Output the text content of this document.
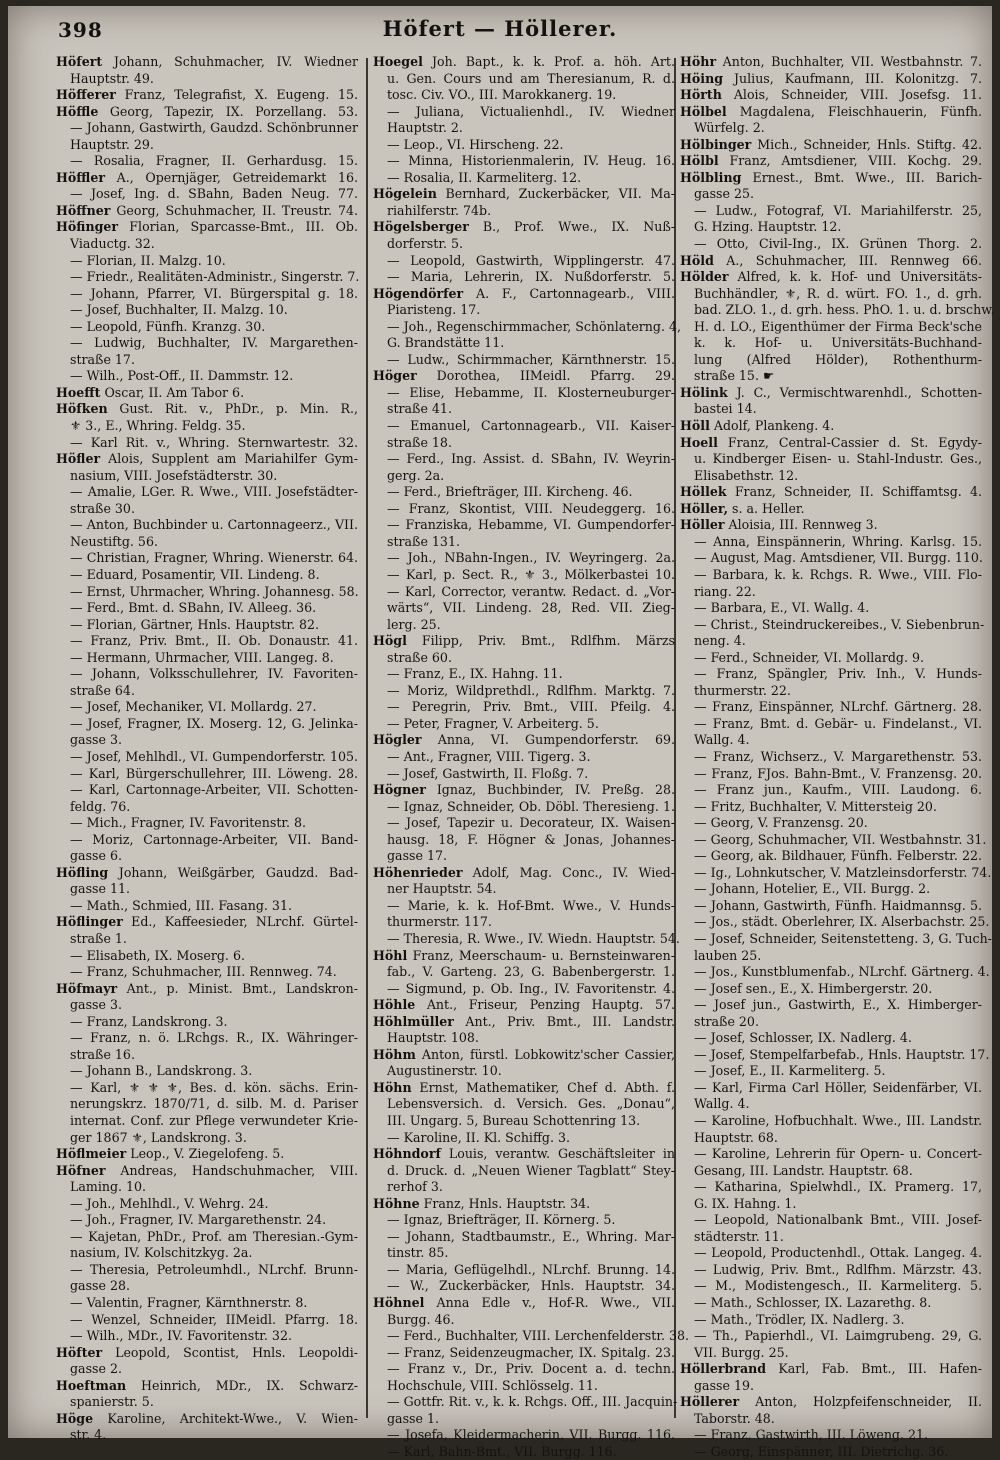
398	Höfert — Höllerer.
Höfert Johann, Schuhmacher, IV. Wiedner
Hauptstr. 49.
Höfferer Franz, Telegrafist, X. Eugeng. 15.
Höffle Georg, Tapezir, IX. Porzellang. 53.
— Johann, Gastwirth, Gaudzd. Schönbrunner
Hauptstr. 29.
— Rosalia, Fragner, II. Gerhardusg. 15.
Höffler A., Opernjäger, Getreidemarkt 16.
— Josef, Ing. d. SBahn, Baden Neug. 77.
Höffner Georg, Schuhmacher, II. Treustr. 74.
Höfinger Florian, Sparcasse-Bmt., III. Ob.
Viaductg. 32.
— Florian, II. Malzg. 10.
— Friedr., Realitäten-Administr., Singerstr. 7.
— Johann, Pfarrer, VI. Bürgerspital g. 18.
— Josef, Buchhalter, II. Malzg. 10.
— Leopold, Fünfh. Kranzg. 30.
— Ludwig, Buchhalter, IV. Margarethen-
straße 17.
— Wilh., Post-Off., II. Dammstr. 12.
Hoefft Oscar, II. Am Tabor 6.
Höfken Gust. Rit. v., PhDr., p. Min. R.,
⚜ 3., E., Whring. Feldg. 35.
— Karl Rit. v., Whring. Sternwartestr. 32.
Höfler Alois, Supplent am Mariahilfer Gym-
nasium, VIII. Josefstädterstr. 30.
— Amalie, LGer. R. Wwe., VIII. Josefstädter-
straße 30.
— Anton, Buchbinder u. Cartonnageerz., VII.
Neustiftg. 56.
— Christian, Fragner, Whring. Wienerstr. 64.
— Eduard, Posamentir, VII. Lindeng. 8.
— Ernst, Uhrmacher, Whring. Johannesg. 58.
— Ferd., Bmt. d. SBahn, IV. Alleeg. 36.
— Florian, Gärtner, Hnls. Hauptstr. 82.
— Franz, Priv. Bmt., II. Ob. Donaustr. 41.
— Hermann, Uhrmacher, VIII. Langeg. 8.
— Johann, Volksschullehrer, IV. Favoriten-
straße 64.
— Josef, Mechaniker, VI. Mollardg. 27.
— Josef, Fragner, IX. Moserg. 12, G. Jelinka-
gasse 3.
— Josef, Mehlhdl., VI. Gumpendorferstr. 105.
— Karl, Bürgerschullehrer, III. Löweng. 28.
— Karl, Cartonnage-Arbeiter, VII. Schotten-
feldg. 76.
— Mich., Fragner, IV. Favoritenstr. 8.
— Moriz, Cartonnage-Arbeiter, VII. Band-
gasse 6.
Höfling Johann, Weißgärber, Gaudzd. Bad-
gasse 11.
— Math., Schmied, III. Fasang. 31.
Höflinger Ed., Kaffeesieder, NLrchf. Gürtel-
straße 1.
— Elisabeth, IX. Moserg. 6.
— Franz, Schuhmacher, III. Rennweg. 74.
Höfmayr Ant., p. Minist. Bmt., Landskron-
gasse 3.
— Franz, Landskrong. 3.
— Franz, n. ö. LRchgs. R., IX. Währinger-
straße 16.
— Johann B., Landskrong. 3.
— Karl, ⚜ ⚜ ⚜, Bes. d. kön. sächs. Erin-
nerungskrz. 1870/71, d. silb. M. d. Pariser
internat. Conf. zur Pflege verwundeter Krie-
ger 1867 ⚜, Landskrong. 3.
Höflmeier Leop., V. Ziegelofeng. 5.
Höfner Andreas, Handschuhmacher, VIII.
Laming. 10.
— Joh., Mehlhdl., V. Wehrg. 24.
— Joh., Fragner, IV. Margarethenstr. 24.
— Kajetan, PhDr., Prof. am Theresian.-Gym-
nasium, IV. Kolschitzkyg. 2a.
— Theresia, Petroleumhdl., NLrchf. Brunn-
gasse 28.
— Valentin, Fragner, Kärnthnerstr. 8.
— Wenzel, Schneider, IIMeidl. Pfarrg. 18.
— Wilh., MDr., IV. Favoritenstr. 32.
Höfter Leopold, Scontist, Hnls. Leopoldi-
gasse 2.
Hoeftman Heinrich, MDr., IX. Schwarz-
spanierstr. 5.
Höge Karoline, Architekt-Wwe., V. Wien-
str. 4.
Hoegel Joh. Bapt., k. k. Prof. a. höh. Art.
u. Gen. Cours und am Theresianum, R. d.
tosc. Civ. VO., III. Marokkanerg. 19.
— Juliana, Victualienhdl., IV. Wiedner
Hauptstr. 2.
— Leop., VI. Hirscheng. 22.
— Minna, Historienmalerin, IV. Heug. 16.
— Rosalia, II. Karmeliterg. 12.
Högelein Bernhard, Zuckerbäcker, VII. Ma-
riahilferstr. 74b.
Högelsberger B., Prof. Wwe., IX. Nuß-
dorferstr. 5.
— Leopold, Gastwirth, Wipplingerstr. 47.
— Maria, Lehrerin, IX. Nußdorferstr. 5.
Högendörfer A. F., Cartonnagearb., VIII.
Piaristeng. 17.
— Joh., Regenschirmmacher, Schönlaterng. 4,
G. Brandstätte 11.
— Ludw., Schirmmacher, Kärnthnerstr. 15.
Höger Dorothea, IIMeidl. Pfarrg. 29.
— Elise, Hebamme, II. Klosterneuburger-
straße 41.
— Emanuel, Cartonnagearb., VII. Kaiser-
straße 18.
— Ferd., Ing. Assist. d. SBahn, IV. Weyrin-
gerg. 2a.
— Ferd., Briefträger, III. Kircheng. 46.
— Franz, Skontist, VIII. Neudeggerg. 16.
— Franziska, Hebamme, VI. Gumpendorfer-
straße 131.
— Joh., NBahn-Ingen., IV. Weyringerg. 2a.
— Karl, p. Sect. R., ⚜ 3., Mölkerbastei 10.
— Karl, Corrector, verantw. Redact. d. „Vor-
wärts“, VII. Lindeng. 28, Red. VII. Zieg-
lerg. 25.
Högl Filipp, Priv. Bmt., Rdlfhm. Märzs
straße 60.
— Franz, E., IX. Hahng. 11.
— Moriz, Wildprethdl., Rdlfhm. Marktg. 7.
— Peregrin, Priv. Bmt., VIII. Pfeilg. 4.
— Peter, Fragner, V. Arbeiterg. 5.
Högler Anna, VI. Gumpendorferstr. 69.
— Ant., Fragner, VIII. Tigerg. 3.
— Josef, Gastwirth, II. Floßg. 7.
Högner Ignaz, Buchbinder, IV. Preßg. 28.
— Ignaz, Schneider, Ob. Döbl. Theresieng. 1.
— Josef, Tapezir u. Decorateur, IX. Waisen-
hausg. 18, F. Högner & Jonas, Johannes-
gasse 17.
Höhenrieder Adolf, Mag. Conc., IV. Wied-
ner Hauptstr. 54.
— Marie, k. k. Hof-Bmt. Wwe., V. Hunds-
thurmerstr. 117.
— Theresia, R. Wwe., IV. Wiedn. Hauptstr. 54.
Höhl Franz, Meerschaum- u. Bernsteinwaren-
fab., V. Garteng. 23, G. Babenbergerstr. 1.
— Sigmund, p. Ob. Ing., IV. Favoritenstr. 4.
Höhle Ant., Friseur, Penzing Hauptg. 57.
Höhlmüller Ant., Priv. Bmt., III. Landstr.
Hauptstr. 108.
Höhm Anton, fürstl. Lobkowitz'scher Cassier,
Augustinerstr. 10.
Höhn Ernst, Mathematiker, Chef d. Abth. f.
Lebensversich. d. Versich. Ges. „Donau“,
III. Ungarg. 5, Bureau Schottenring 13.
— Karoline, II. Kl. Schiffg. 3.
Höhndorf Louis, verantw. Geschäftsleiter in
d. Druck. d. „Neuen Wiener Tagblatt“ Stey-
rerhof 3.
Höhne Franz, Hnls. Hauptstr. 34.
— Ignaz, Briefträger, II. Körnerg. 5.
— Johann, Stadtbaumstr., E., Whring. Mar-
tinstr. 85.
— Maria, Geflügelhdl., NLrchf. Brunng. 14.
— W., Zuckerbäcker, Hnls. Hauptstr. 34.
Höhnel Anna Edle v., Hof-R. Wwe., VII.
Burgg. 46.
— Ferd., Buchhalter, VIII. Lerchenfelderstr. 38.
— Franz, Seidenzeugmacher, IX. Spitalg. 23.
— Franz v., Dr., Priv. Docent a. d. techn.
Hochschule, VIII. Schlösselg. 11.
— Gottfr. Rit. v., k. k. Rchgs. Off., III. Jacquin-
gasse 1.
— Josefa, Kleidermacherin, VII. Burgg. 116.
— Karl, Bahn-Bmt., VII. Burgg. 116.
Höhr Anton, Buchhalter, VII. Westbahnstr. 7.
Höing Julius, Kaufmann, III. Kolonitzg. 7.
Hörth Alois, Schneider, VIII. Josefsg. 11.
Hölbel Magdalena, Fleischhauerin, Fünfh.
Würfelg. 2.
Hölbinger Mich., Schneider, Hnls. Stiftg. 42.
Hölbl Franz, Amtsdiener, VIII. Kochg. 29.
Hölbling Ernest., Bmt. Wwe., III. Barich-
gasse 25.
— Ludw., Fotograf, VI. Mariahilferstr. 25,
G. Hzing. Hauptstr. 12.
— Otto, Civil-Ing., IX. Grünen Thorg. 2.
Höld A., Schuhmacher, III. Rennweg 66.
Hölder Alfred, k. k. Hof- und Universitäts-
Buchhändler, ⚜, R. d. würt. FO. 1., d. grh.
bad. ZLO. 1., d. grh. hess. PhO. 1. u. d. brschw.
H. d. LO., Eigenthümer der Firma Beck'sche
k. k. Hof- u. Universitäts-Buchhand-
lung (Alfred Hölder), Rothenthurm-
straße 15. ☛
Hölink J. C., Vermischtwarenhdl., Schotten-
bastei 14.
Höll Adolf, Plankeng. 4.
Hoell Franz, Central-Cassier d. St. Egydy-
u. Kindberger Eisen- u. Stahl-Industr. Ges.,
Elisabethstr. 12.
Höllek Franz, Schneider, II. Schiffamtsg. 4.
Höller, s. a. Heller.
Höller Aloisia, III. Rennweg 3.
— Anna, Einspännerin, Whring. Karlsg. 15.
— August, Mag. Amtsdiener, VII. Burgg. 110.
— Barbara, k. k. Rchgs. R. Wwe., VIII. Flo-
riang. 22.
— Barbara, E., VI. Wallg. 4.
— Christ., Steindruckereibes., V. Siebenbrun-
neng. 4.
— Ferd., Schneider, VI. Mollardg. 9.
— Franz, Spängler, Priv. Inh., V. Hunds-
thurmerstr. 22.
— Franz, Einspänner, NLrchf. Gärtnerg. 28.
— Franz, Bmt. d. Gebär- u. Findelanst., VI.
Wallg. 4.
— Franz, Wichserz., V. Margarethenstr. 53.
— Franz, FJos. Bahn-Bmt., V. Franzensg. 20.
— Franz jun., Kaufm., VIII. Laudong. 6.
— Fritz, Buchhalter, V. Mittersteig 20.
— Georg, V. Franzensg. 20.
— Georg, Schuhmacher, VII. Westbahnstr. 31.
— Georg, ak. Bildhauer, Fünfh. Felberstr. 22.
— Ig., Lohnkutscher, V. Matzleinsdorferstr. 74.
— Johann, Hotelier, E., VII. Burgg. 2.
— Johann, Gastwirth, Fünfh. Haidmannsg. 5.
— Jos., städt. Oberlehrer, IX. Alserbachstr. 25.
— Josef, Schneider, Seitenstetteng. 3, G. Tuch-
lauben 25.
— Jos., Kunstblumenfab., NLrchf. Gärtnerg. 4.
— Josef sen., E., X. Himbergerstr. 20.
— Josef jun., Gastwirth, E., X. Himberger-
straße 20.
— Josef, Schlosser, IX. Nadlerg. 4.
— Josef, Stempelfarbefab., Hnls. Hauptstr. 17.
— Josef, E., II. Karmeliterg. 5.
— Karl, Firma Carl Höller, Seidenfärber, VI.
Wallg. 4.
— Karoline, Hofbuchhalt. Wwe., III. Landstr.
Hauptstr. 68.
— Karoline, Lehrerin für Opern- u. Concert-
Gesang, III. Landstr. Hauptstr. 68.
— Katharina, Spielwhdl., IX. Pramerg. 17,
G. IX. Hahng. 1.
— Leopold, Nationalbank Bmt., VIII. Josef-
städterstr. 11.
— Leopold, Productenhdl., Ottak. Langeg. 4.
— Ludwig, Priv. Bmt., Rdlfhm. Märzstr. 43.
— M., Modistengesch., II. Karmeliterg. 5.
— Math., Schlosser, IX. Lazarethg. 8.
— Math., Trödler, IX. Nadlerg. 3.
— Th., Papierhdl., VI. Laimgrubeng. 29, G.
VII. Burgg. 25.
Höllerbrand Karl, Fab. Bmt., III. Hafen-
gasse 19.
Höllerer Anton, Holzpfeifenschneider, II.
Taborstr. 48.
— Franz, Gastwirth, III. Löweng. 21.
— Georg, Einspänner, III. Dietrichg. 36.
